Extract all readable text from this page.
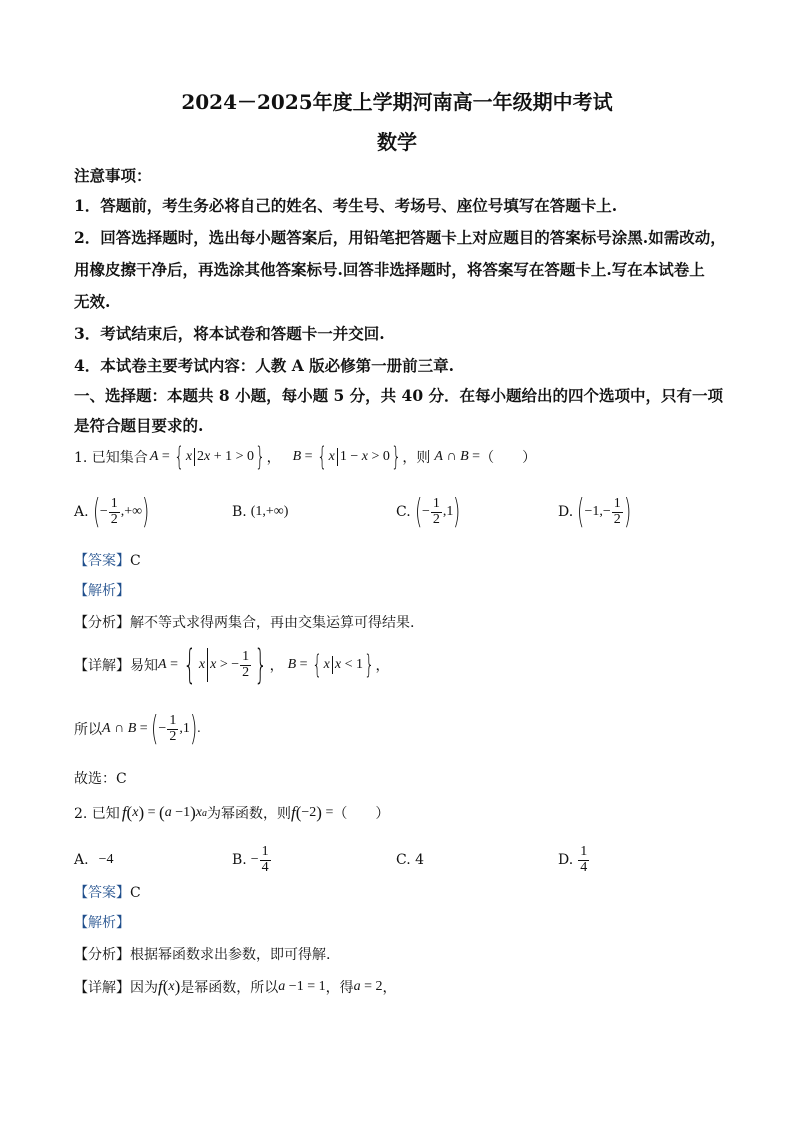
2024－2025年度上学期河南高一年级期中考试
数学
注意事项：
1．答题前，考生务必将自己的姓名、考生号、考场号、座位号填写在答题卡上.
2．回答选择题时，选出每小题答案后，用铅笔把答题卡上对应题目的答案标号涂黑.如需改动，
用橡皮擦干净后，再选涂其他答案标号.回答非选择题时，将答案写在答题卡上.写在本试卷上
无效.
3．考试结束后，将本试卷和答题卡一并交回.
4．本试卷主要考试内容：人教 A 版必修第一册前三章.
一、选择题：本题共 8 小题，每小题 5 分，共 40 分．在每小题给出的四个选项中，只有一项
是符合题目要求的.
1. 已知集合 A = { x 2 x + 1 > 0 } ， B = { x 1 − x > 0 } ，则 A ∩ B = （　　）
A. ( − $\frac{1}{2}$ ,+∞ )	B. (1,+∞)	C. ( − $\frac{1}{2} ,1$ )	D. ( $-1,- \frac{1}{2}$ )
【答案】C
【解析】
【分析】解不等式求得两集合，再由交集运算可得结果.
【详解】 易知 A = { x x > − $\frac{1}{2}$ } ， B = { x x < 1 } ，
所以 A ∩ B = ( − $\frac{1}{2} ,1$ ) .
故选：C
2. 已知 f ( x ) = ( a −1 ) x a 为幂函数，则 f ( −2 ) = （　　）
A. −4	B. − $\frac{1}{4}$	C. 4	D. $\frac{1}{4}$
【答案】C
【解析】
【分析】根据幂函数求出参数，即可得解.
【详解】 因为 f ( x ) 是幂函数，所以 a −1 = 1 ，得 a = 2 ，
